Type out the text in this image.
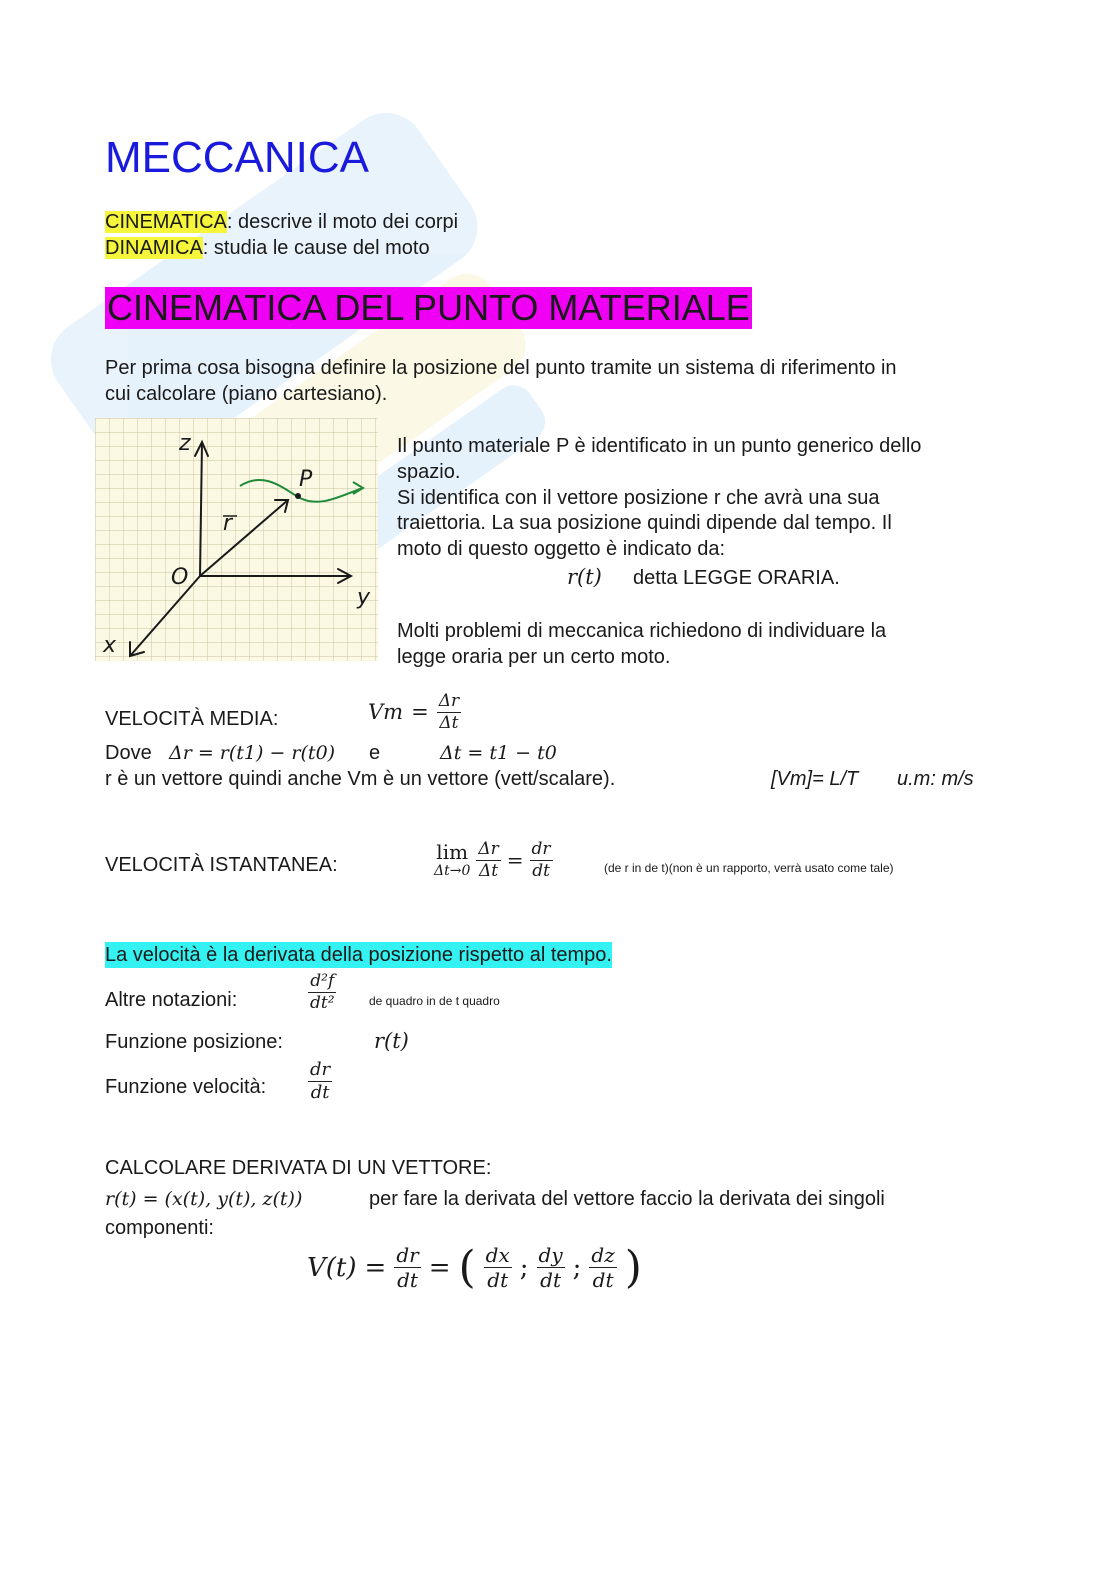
MECCANICA
CINEMATICA: descrive il moto dei corpi
DINAMICA: studia le cause del moto
CINEMATICA DEL PUNTO MATERIALE
Per prima cosa bisogna definire la posizione del punto tramite un sistema di riferimento in
cui calcolare (piano cartesiano).
z
P
r
O
y
x
Il punto materiale P è identificato in un punto generico dello
spazio.
Si identifica con il vettore posizione r che avrà una sua
traiettoria. La sua posizione quindi dipende dal tempo. Il
moto di questo oggetto è indicato da:
r(t) detta LEGGE ORARIA.
Molti problemi di meccanica richiedono di individuare la
legge oraria per un certo moto.
VELOCITÀ MEDIA:	$Vm = \frac{\Delta r}{\Delta t}$
Dove Δr = r(t1) − r(t0) e	Δt = t1 − t0
r è un vettore quindi anche Vm è un vettore (vett/scalare).	[Vm]= L/T u.m: m/s
VELOCITÀ ISTANTANEA:
lim
$\Delta t\to 0 \frac{\Delta r}{\Delta t} = \frac{dr}{dt}$	(de r in de t)(non è un rapporto, verrà usato come tale)
La velocità è la derivata della posizione rispetto al tempo.
Altre notazioni:	$\frac{\text{d²f}}{\text{dt²}}$	de quadro in de t quadro
Funzione posizione:	r(t)
Funzione velocità: $\frac{dr}{dt}$
CALCOLARE DERIVATA DI UN VETTORE:
r(t) = (x(t), y(t), z(t))	per fare la derivata del vettore faccio la derivata dei singoli
componenti:
$V(t) = \frac{dr}{dt}$ = ( $\frac{dx}{dt}$ ; $\frac{dy}{dt}$ ; $\frac{dz}{dt}$ )
